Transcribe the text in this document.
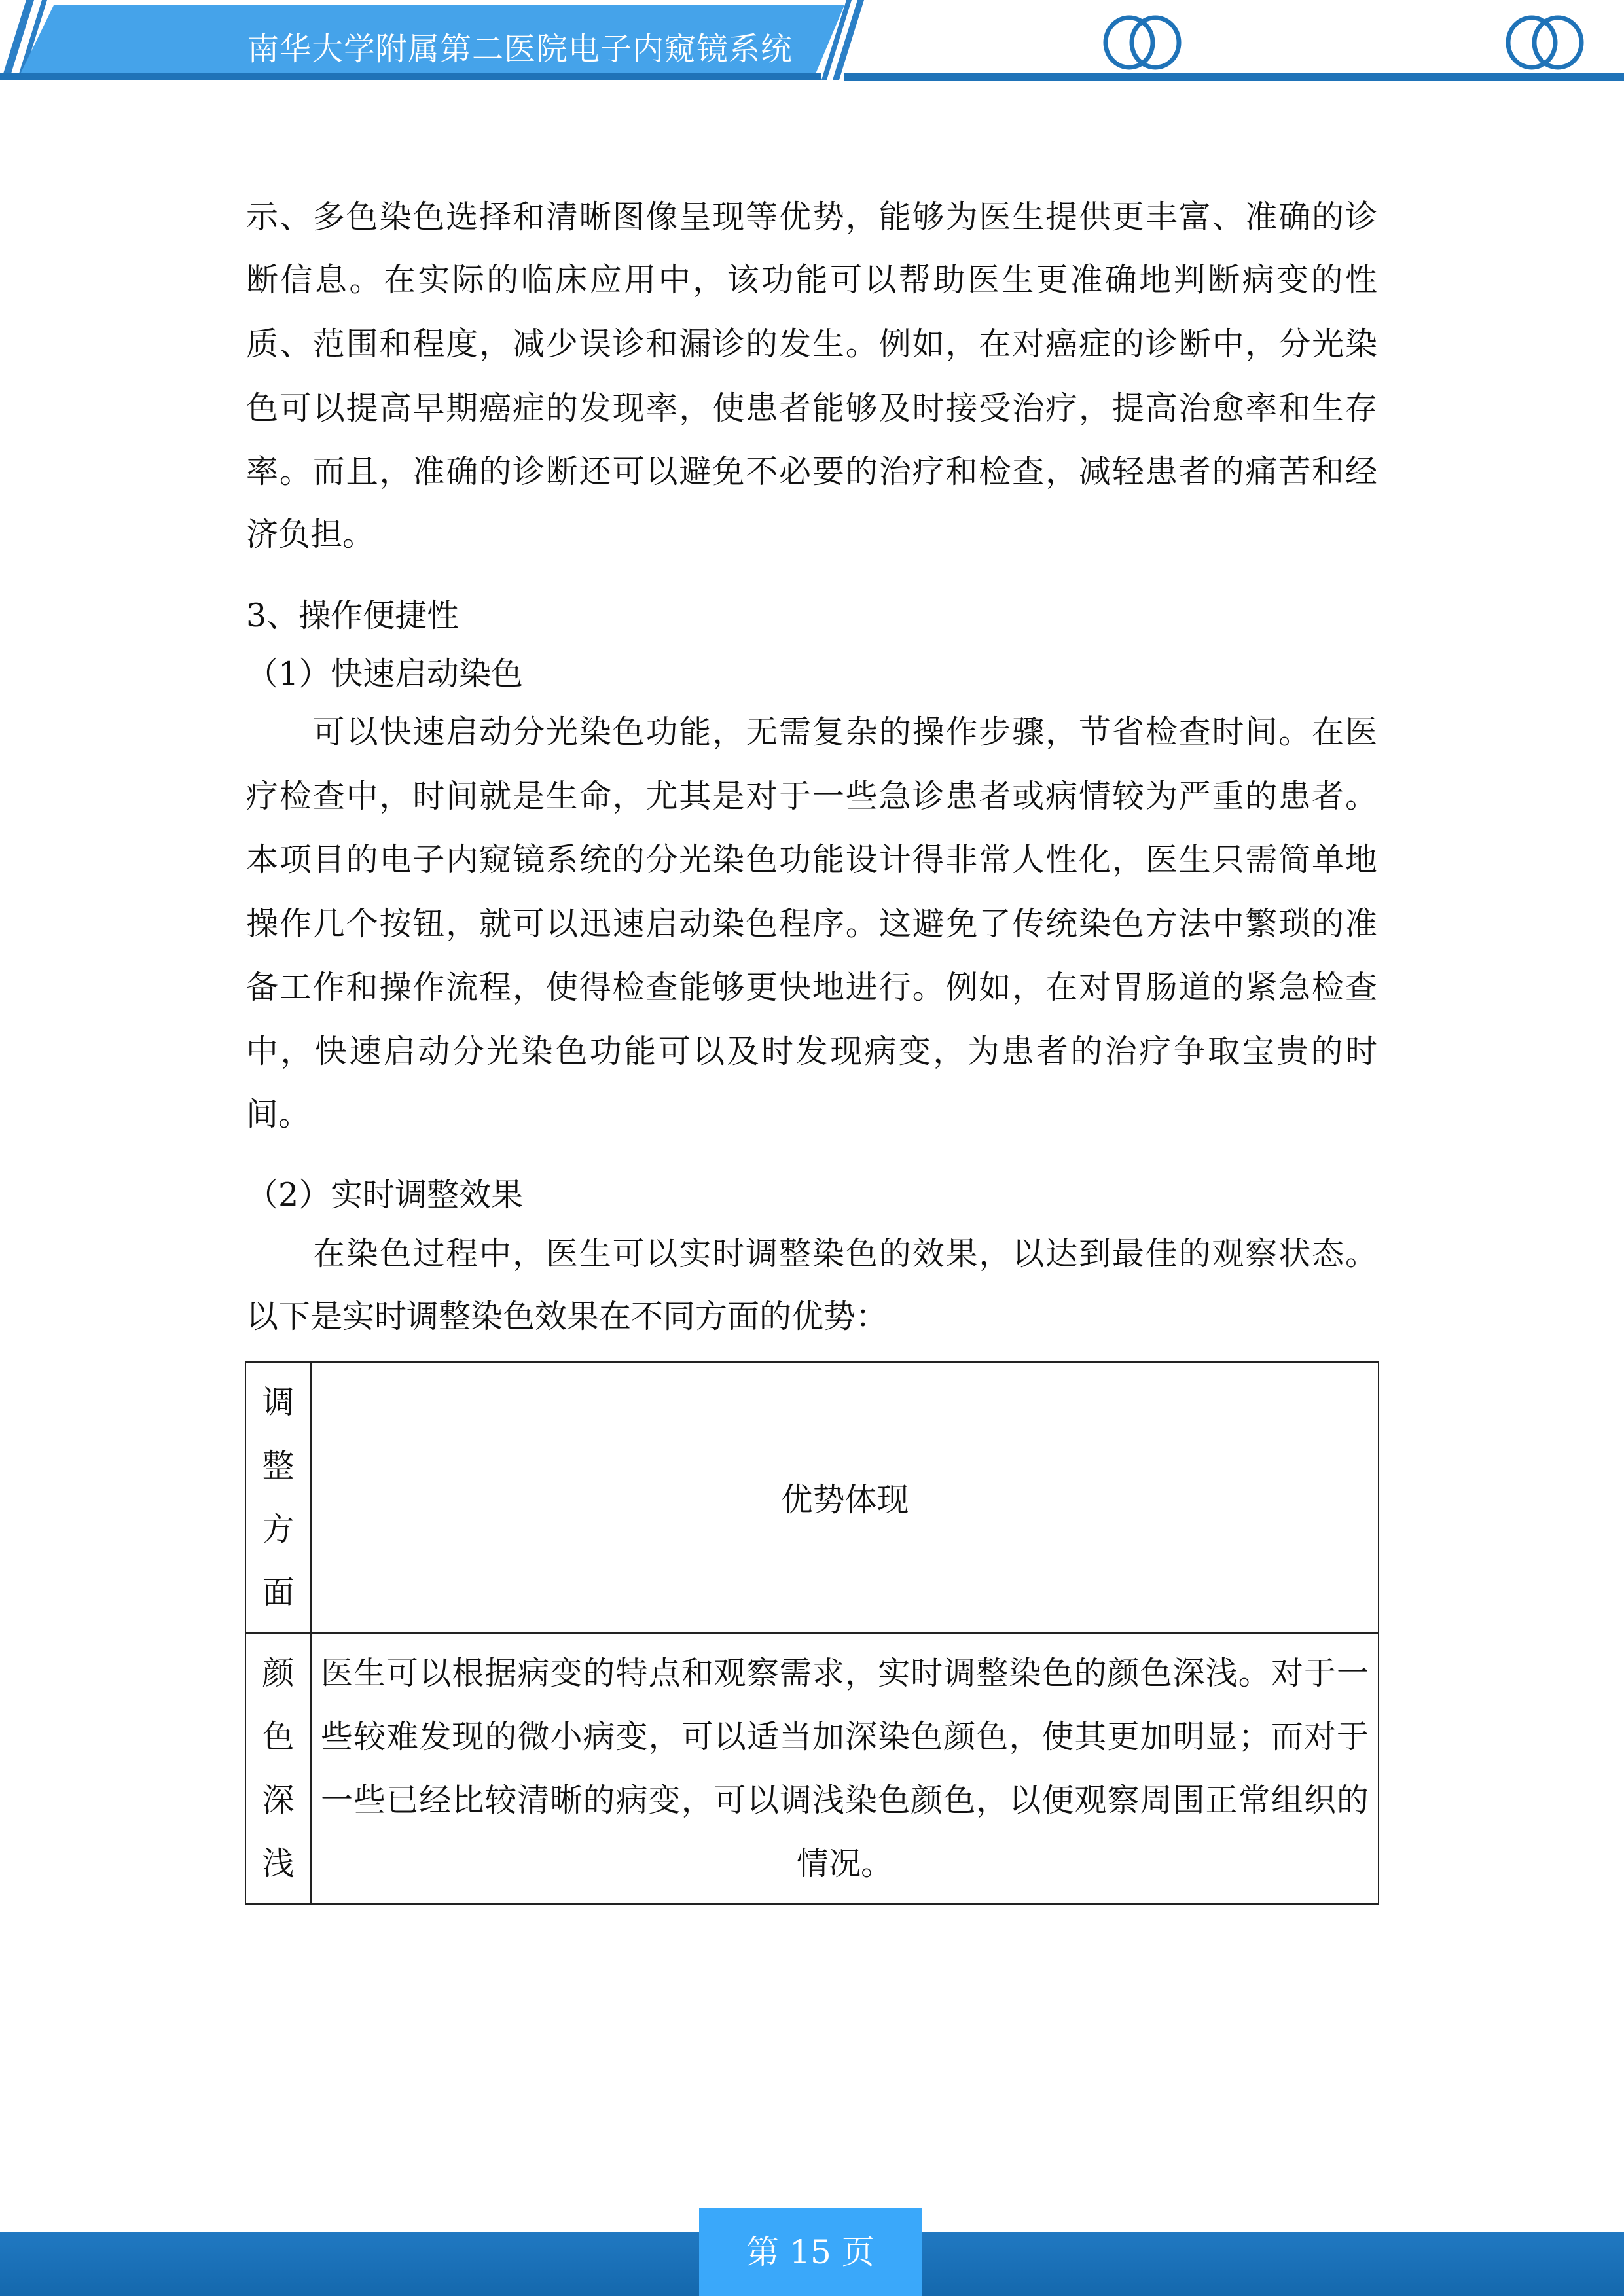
南华大学附属第二医院电子内窥镜系统
示、多色染色选择和清晰图像呈现等优势，能够为医生提供更丰富、准确的诊
断信息。在实际的临床应用中，该功能可以帮助医生更准确地判断病变的性
质、范围和程度，减少误诊和漏诊的发生。例如，在对癌症的诊断中，分光染
色可以提高早期癌症的发现率，使患者能够及时接受治疗，提高治愈率和生存
率。而且，准确的诊断还可以避免不必要的治疗和检查，减轻患者的痛苦和经
济负担。
3、操作便捷性
（1）快速启动染色
　　可以快速启动分光染色功能，无需复杂的操作步骤，节省检查时间。在医
疗检查中，时间就是生命，尤其是对于一些急诊患者或病情较为严重的患者。
本项目的电子内窥镜系统的分光染色功能设计得非常人性化，医生只需简单地
操作几个按钮，就可以迅速启动染色程序。这避免了传统染色方法中繁琐的准
备工作和操作流程，使得检查能够更快地进行。例如，在对胃肠道的紧急检查
中，快速启动分光染色功能可以及时发现病变，为患者的治疗争取宝贵的时
间。
（2）实时调整效果
　　在染色过程中，医生可以实时调整染色的效果，以达到最佳的观察状态。
以下是实时调整染色效果在不同方面的优势：
调
整
方
面	优势体现

颜
色
深
浅	医生可以根据病变的特点和观察需求，实时调整染色的颜色深浅。对于一
些较难发现的微小病变，可以适当加深染色颜色，使其更加明显；而对于
一些已经比较清晰的病变，可以调浅染色颜色，以便观察周围正常组织的
情况。
第 15 页
